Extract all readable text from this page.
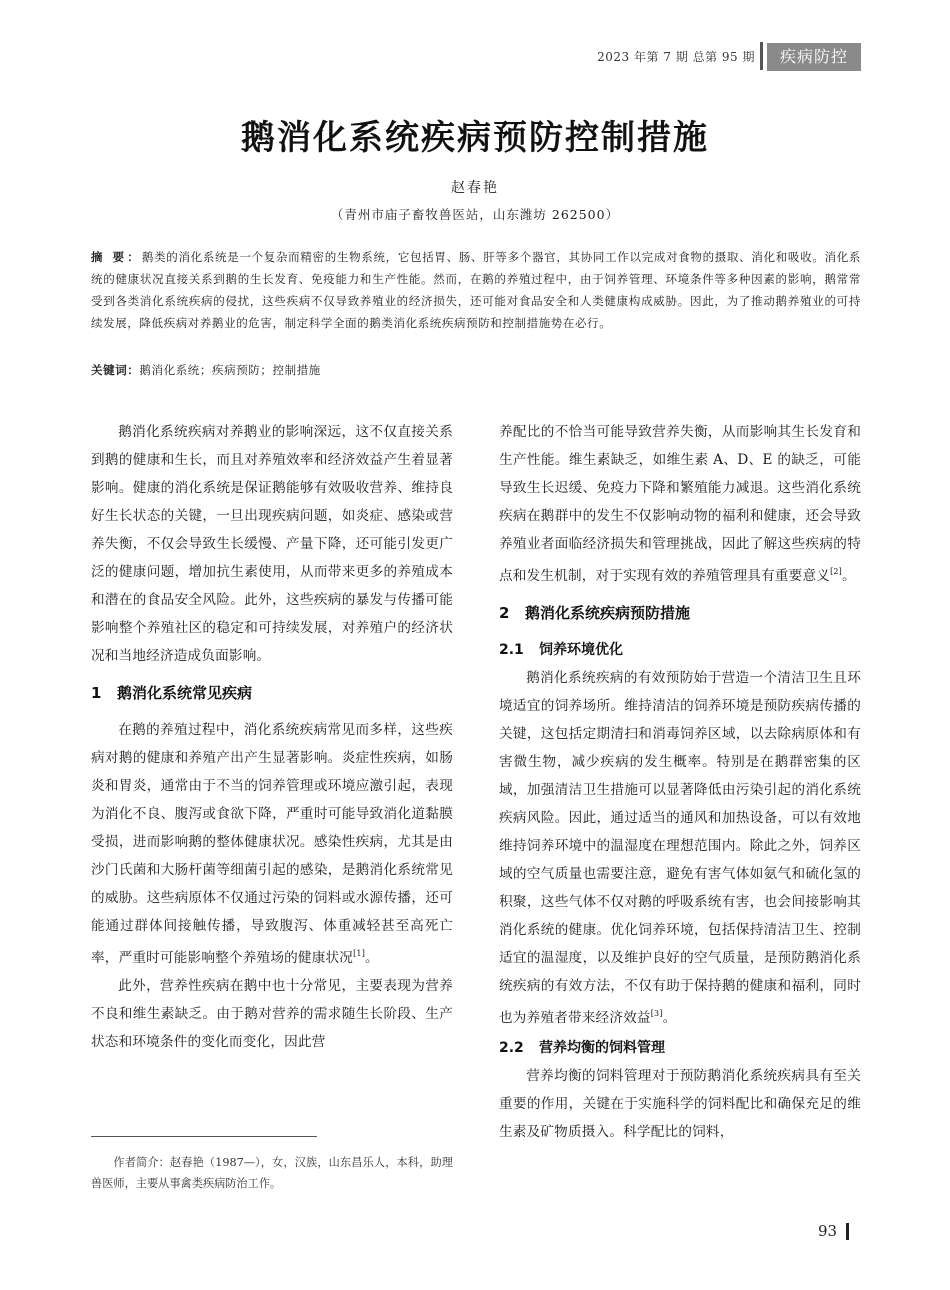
2023 年第 7 期 总第 95 期	疾病防控
鹅消化系统疾病预防控制措施
赵春艳
（青州市庙子畜牧兽医站，山东潍坊 262500）

摘 要：鹅类的消化系统是一个复杂而精密的生物系统，它包括胃、肠、肝等多个器官，其协同工作以完成对食物的摄取、消化和吸收。消化系统的健康状况直接关系到鹅的生长发育、免疫能力和生产性能。然而，在鹅的养殖过程中，由于饲养管理、环境条件等多种因素的影响，鹅常常受到各类消化系统疾病的侵扰，这些疾病不仅导致养殖业的经济损失，还可能对食品安全和人类健康构成威胁。因此，为了推动鹅养殖业的可持续发展，降低疾病对养鹅业的危害，制定科学全面的鹅类消化系统疾病预防和控制措施势在必行。

关键词：鹅消化系统；疾病预防；控制措施

鹅消化系统疾病对养鹅业的影响深远，这不仅直接关系到鹅的健康和生长，而且对养殖效率和经济效益产生着显著影响。健康的消化系统是保证鹅能够有效吸收营养、维持良好生长状态的关键，一旦出现疾病问题，如炎症、感染或营养失衡，不仅会导致生长缓慢、产量下降，还可能引发更广泛的健康问题，增加抗生素使用，从而带来更多的养殖成本和潜在的食品安全风险。此外，这些疾病的暴发与传播可能影响整个养殖社区的稳定和可持续发展，对养殖户的经济状况和当地经济造成负面影响。

1 鹅消化系统常见疾病

在鹅的养殖过程中，消化系统疾病常见而多样，这些疾病对鹅的健康和养殖产出产生显著影响。炎症性疾病，如肠炎和胃炎，通常由于不当的饲养管理或环境应激引起，表现为消化不良、腹泻或食欲下降，严重时可能导致消化道黏膜受损，进而影响鹅的整体健康状况。感染性疾病，尤其是由沙门氏菌和大肠杆菌等细菌引起的感染，是鹅消化系统常见的威胁。这些病原体不仅通过污染的饲料或水源传播，还可能通过群体间接触传播，导致腹泻、体重减轻甚至高死亡率，严重时可能影响整个养殖场的健康状况[1]。

此外，营养性疾病在鹅中也十分常见，主要表现为营养不良和维生素缺乏。由于鹅对营养的需求随生长阶段、生产状态和环境条件的变化而变化，因此营

养配比的不恰当可能导致营养失衡，从而影响其生长发育和生产性能。维生素缺乏，如维生素 A、D、E 的缺乏，可能导致生长迟缓、免疫力下降和繁殖能力减退。这些消化系统疾病在鹅群中的发生不仅影响动物的福利和健康，还会导致养殖业者面临经济损失和管理挑战，因此了解这些疾病的特点和发生机制，对于实现有效的养殖管理具有重要意义[2]。

2 鹅消化系统疾病预防措施
2.1 饲养环境优化

鹅消化系统疾病的有效预防始于营造一个清洁卫生且环境适宜的饲养场所。维持清洁的饲养环境是预防疾病传播的关键，这包括定期清扫和消毒饲养区域，以去除病原体和有害微生物，减少疾病的发生概率。特别是在鹅群密集的区域，加强清洁卫生措施可以显著降低由污染引起的消化系统疾病风险。因此，通过适当的通风和加热设备，可以有效地维持饲养环境中的温湿度在理想范围内。除此之外，饲养区域的空气质量也需要注意，避免有害气体如氨气和硫化氢的积聚，这些气体不仅对鹅的呼吸系统有害，也会间接影响其消化系统的健康。优化饲养环境，包括保持清洁卫生、控制适宜的温湿度，以及维护良好的空气质量，是预防鹅消化系统疾病的有效方法，不仅有助于保持鹅的健康和福利，同时也为养殖者带来经济效益[3]。

2.2 营养均衡的饲料管理

营养均衡的饲料管理对于预防鹅消化系统疾病具有至关重要的作用，关键在于实施科学的饲料配比和确保充足的维生素及矿物质摄入。科学配比的饲料，

作者简介：赵春艳（1987—），女，汉族，山东昌乐人，本科，助理兽医师，主要从事禽类疾病防治工作。

93
